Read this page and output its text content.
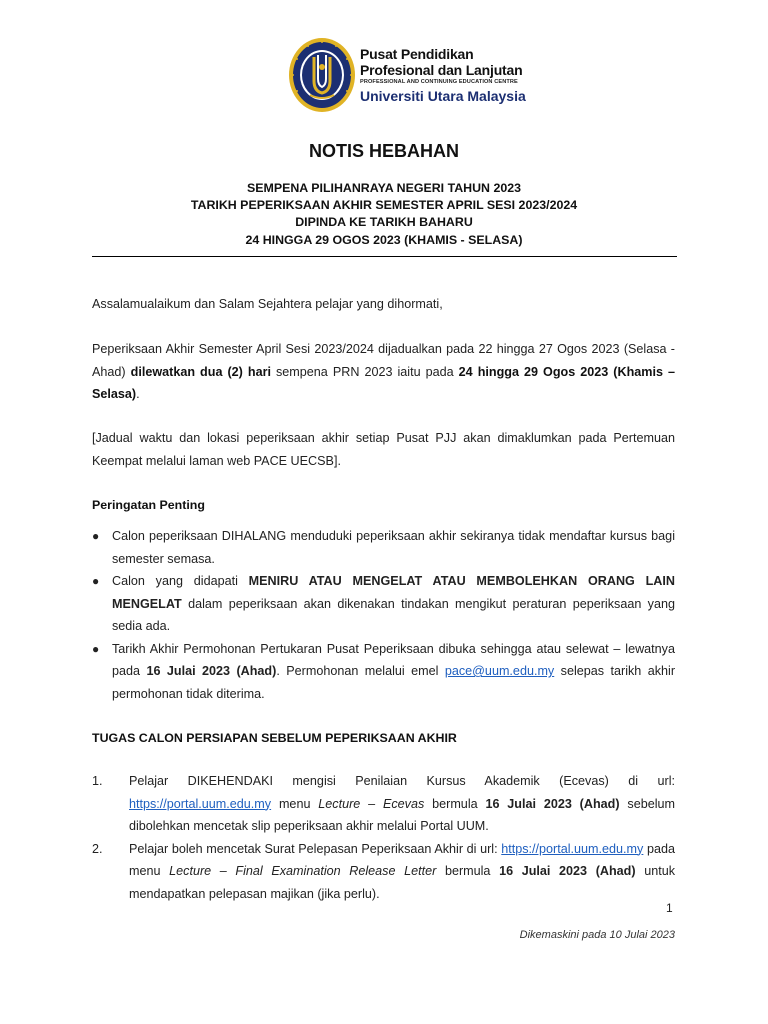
Pusat Pendidikan
Profesional dan Lanjutan
PROFESSIONAL AND CONTINUING EDUCATION CENTRE
Universiti Utara Malaysia
NOTIS HEBAHAN
SEMPENA PILIHANRAYA NEGERI TAHUN 2023
TARIKH PEPERIKSAAN AKHIR SEMESTER APRIL SESI 2023/2024
DIPINDA KE TARIKH BAHARU
24 HINGGA 29 OGOS 2023 (KHAMIS - SELASA)
Assalamualaikum dan Salam Sejahtera pelajar yang dihormati,
Peperiksaan Akhir Semester April Sesi 2023/2024 dijadualkan pada 22 hingga 27 Ogos 2023 (Selasa - Ahad) dilewatkan dua (2) hari sempena PRN 2023 iaitu pada 24 hingga 29 Ogos 2023 (Khamis – Selasa).
[Jadual waktu dan lokasi peperiksaan akhir setiap Pusat PJJ akan dimaklumkan pada Pertemuan Keempat melalui laman web PACE UECSB].
Peringatan Penting
● Calon peperiksaan DIHALANG menduduki peperiksaan akhir sekiranya tidak mendaftar kursus bagi semester semasa.
● Calon yang didapati MENIRU ATAU MENGELAT ATAU MEMBOLEHKAN ORANG LAIN MENGELAT dalam peperiksaan akan dikenakan tindakan mengikut peraturan peperiksaan yang sedia ada.
● Tarikh Akhir Permohonan Pertukaran Pusat Peperiksaan dibuka sehingga atau selewat – lewatnya pada 16 Julai 2023 (Ahad). Permohonan melalui emel pace@uum.edu.my selepas tarikh akhir permohonan tidak diterima.
TUGAS CALON PERSIAPAN SEBELUM PEPERIKSAAN AKHIR
1. Pelajar DIKEHENDAKI mengisi Penilaian Kursus Akademik (Ecevas) di url: https://portal.uum.edu.my menu Lecture – Ecevas bermula 16 Julai 2023 (Ahad) sebelum dibolehkan mencetak slip peperiksaan akhir melalui Portal UUM.
2. Pelajar boleh mencetak Surat Pelepasan Peperiksaan Akhir di url: https://portal.uum.edu.my pada menu Lecture – Final Examination Release Letter bermula 16 Julai 2023 (Ahad) untuk mendapatkan pelepasan majikan (jika perlu).
1
Dikemaskini pada 10 Julai 2023
